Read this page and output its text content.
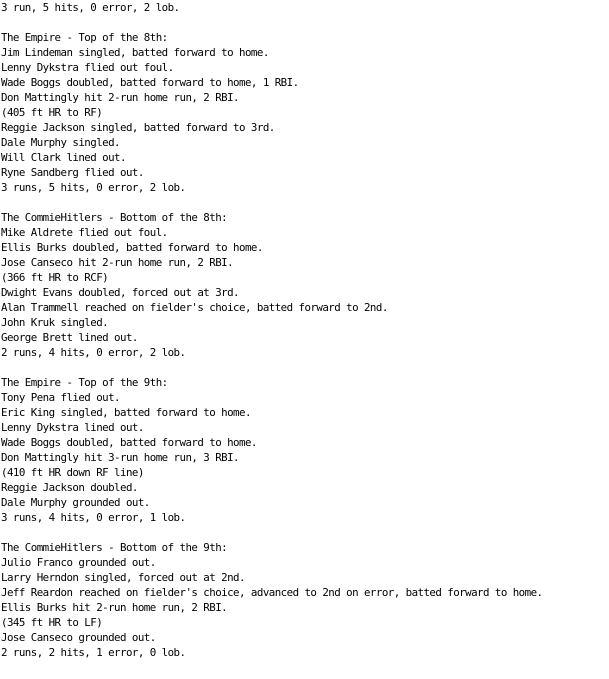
3 run, 5 hits, 0 error, 2 lob.
The Empire - Top of the 8th:
Jim Lindeman singled, batted forward to home.
Lenny Dykstra flied out foul.
Wade Boggs doubled, batted forward to home, 1 RBI.
Don Mattingly hit 2-run home run, 2 RBI.
(405 ft HR to RF)
Reggie Jackson singled, batted forward to 3rd.
Dale Murphy singled.
Will Clark lined out.
Ryne Sandberg flied out.
3 runs, 5 hits, 0 error, 2 lob.
The CommieHitlers - Bottom of the 8th:
Mike Aldrete flied out foul.
Ellis Burks doubled, batted forward to home.
Jose Canseco hit 2-run home run, 2 RBI.
(366 ft HR to RCF)
Dwight Evans doubled, forced out at 3rd.
Alan Trammell reached on fielder's choice, batted forward to 2nd.
John Kruk singled.
George Brett lined out.
2 runs, 4 hits, 0 error, 2 lob.
The Empire - Top of the 9th:
Tony Pena flied out.
Eric King singled, batted forward to home.
Lenny Dykstra lined out.
Wade Boggs doubled, batted forward to home.
Don Mattingly hit 3-run home run, 3 RBI.
(410 ft HR down RF line)
Reggie Jackson doubled.
Dale Murphy grounded out.
3 runs, 4 hits, 0 error, 1 lob.
The CommieHitlers - Bottom of the 9th:
Julio Franco grounded out.
Larry Herndon singled, forced out at 2nd.
Jeff Reardon reached on fielder's choice, advanced to 2nd on error, batted forward to home.
Ellis Burks hit 2-run home run, 2 RBI.
(345 ft HR to LF)
Jose Canseco grounded out.
2 runs, 2 hits, 1 error, 0 lob.
